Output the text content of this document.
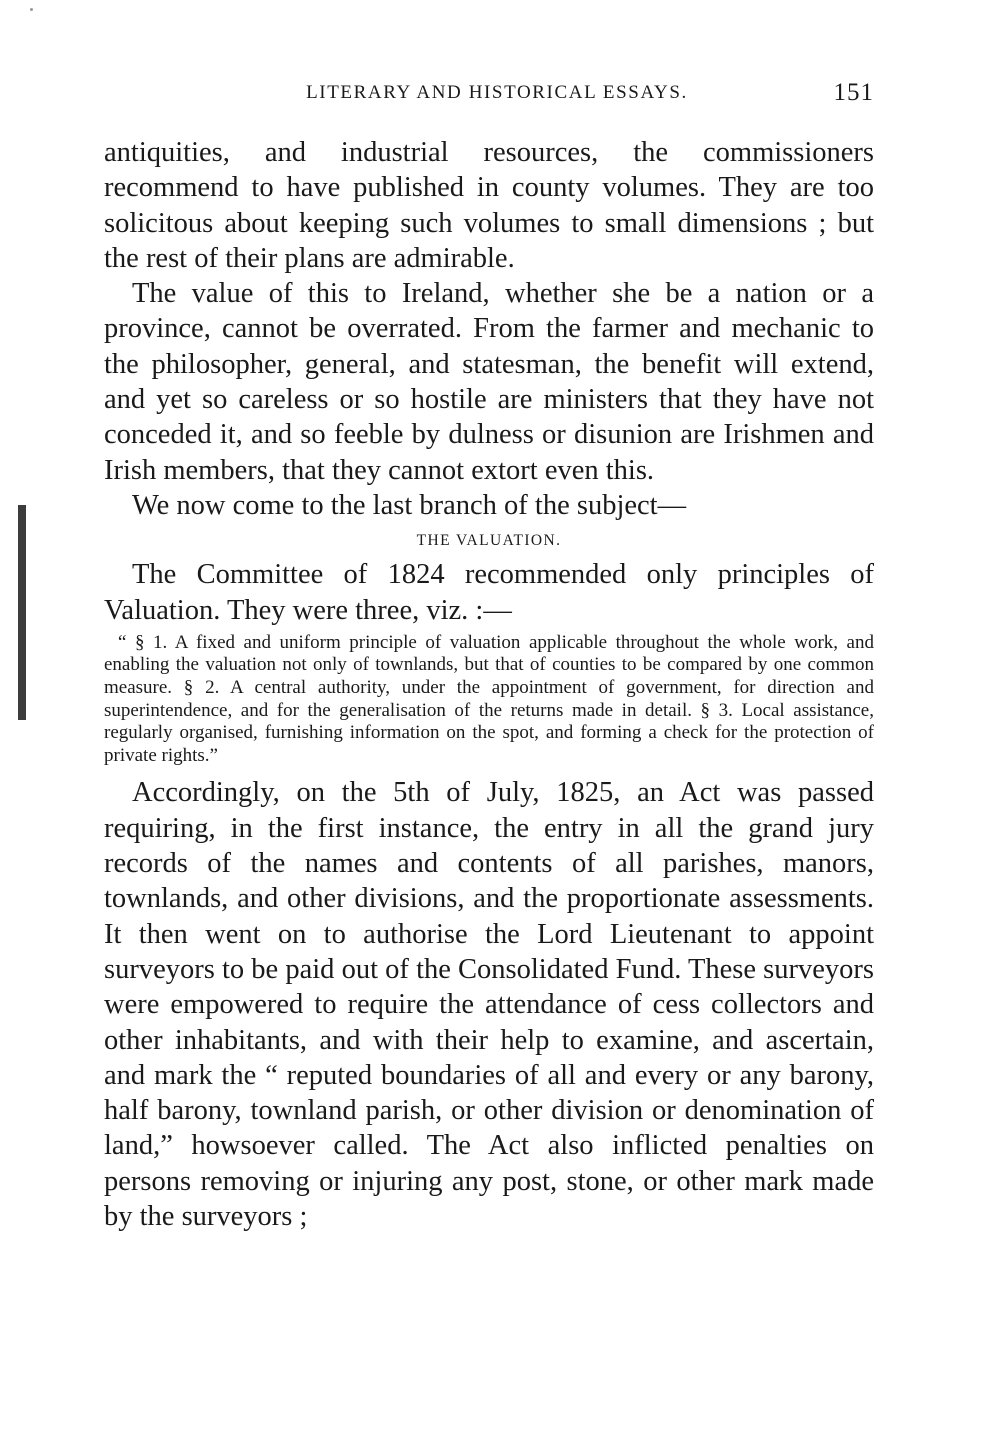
LITERARY AND HISTORICAL ESSAYS.	151

antiquities, and industrial resources, the commissioners recommend to have published in county volumes. They are too solicitous about keeping such volumes to small dimensions ; but the rest of their plans are admirable.

The value of this to Ireland, whether she be a nation or a province, cannot be overrated. From the farmer and mechanic to the philosopher, general, and statesman, the benefit will extend, and yet so careless or so hostile are ministers that they have not conceded it, and so feeble by dulness or disunion are Irishmen and Irish members, that they cannot extort even this.

We now come to the last branch of the subject—

THE VALUATION.

The Committee of 1824 recommended only principles of Valuation. They were three, viz. :—

“ § 1. A fixed and uniform principle of valuation applicable throughout the whole work, and enabling the valuation not only of townlands, but that of counties to be compared by one common measure. § 2. A central authority, under the appointment of government, for direction and superintendence, and for the generalisation of the returns made in detail. § 3. Local assistance, regularly organised, furnishing information on the spot, and forming a check for the protection of private rights.”

Accordingly, on the 5th of July, 1825, an Act was passed requiring, in the first instance, the entry in all the grand jury records of the names and contents of all parishes, manors, townlands, and other divisions, and the proportionate assessments. It then went on to authorise the Lord Lieutenant to appoint surveyors to be paid out of the Consolidated Fund. These surveyors were empowered to require the attendance of cess collectors and other inhabitants, and with their help to examine, and ascertain, and mark the “ reputed boundaries of all and every or any barony, half barony, townland parish, or other division or denomination of land,” howsoever called. The Act also inflicted penalties on persons removing or injuring any post, stone, or other mark made by the surveyors ;
